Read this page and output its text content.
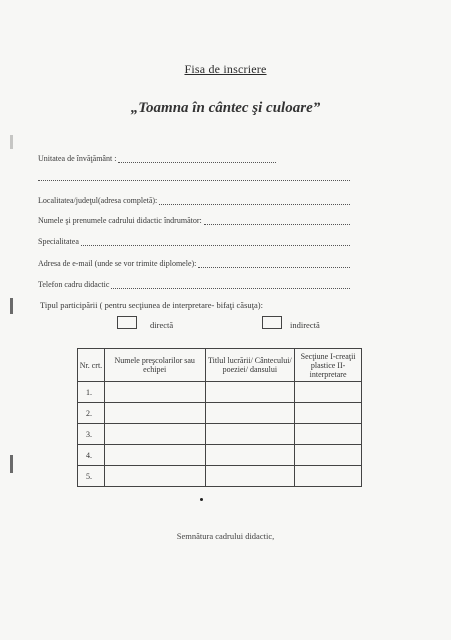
Fisa de inscriere
„Toamna în cântec şi culoare”
Unitatea de învăţământ :
Localitatea/judeţul(adresa completă):
Numele şi prenumele cadrului didactic îndrumător:
Specialitatea
Adresa de e-mail (unde se vor trimite diplomele):
Telefon cadru didactic
Tipul participării ( pentru secţiunea de interpretare- bifaţi căsuţa):
directă	indirectă
Nr. crt.	Numele preşcolarilor sau echipei	Titlul lucrării/ Cântecului/ poeziei/ dansului	Secţiune I-creaţii plastice II-interpretare
1.			
2.			
3.			
4.			
5.			
Semnătura cadrului didactic,
